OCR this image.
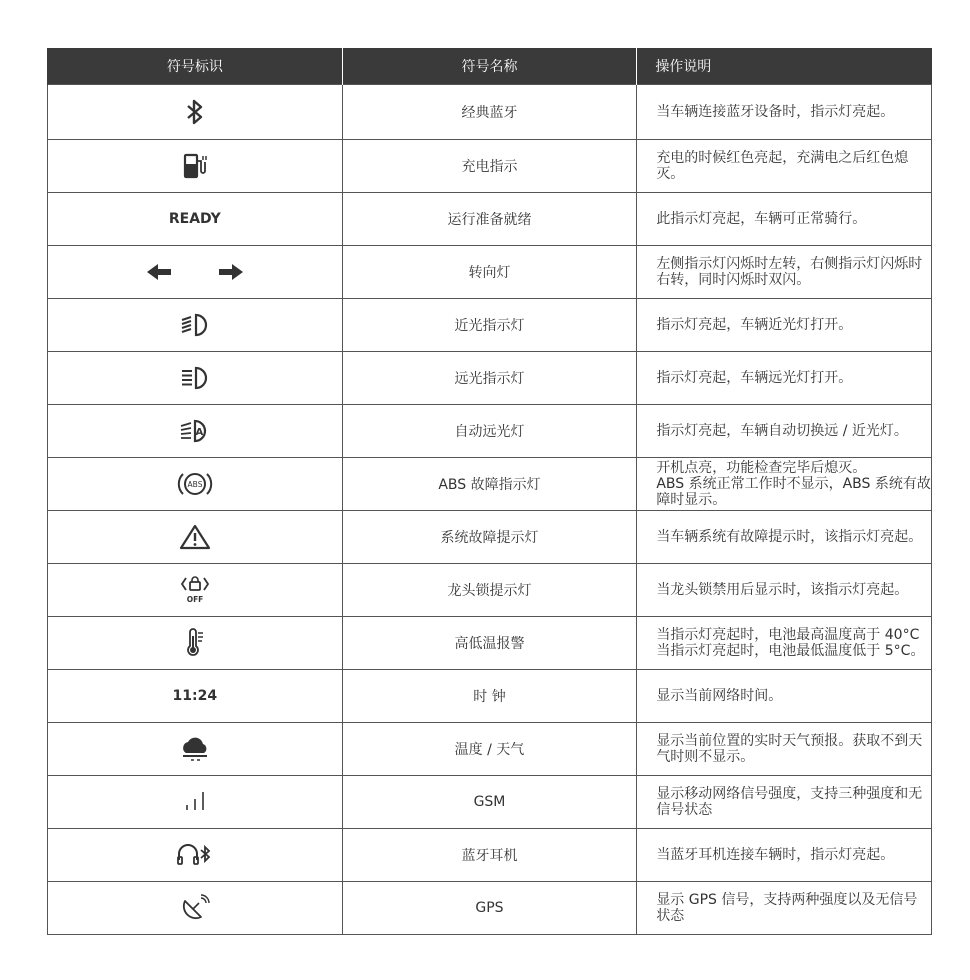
符号标识	符号名称	操作说明

	经典蓝牙	当车辆连接蓝牙设备时，指示灯亮起。

	充电指示	充电的时候红色亮起，充满电之后红色熄灭。

READY	运行准备就绪	此指示灯亮起，车辆可正常骑行。

	转向灯	左侧指示灯闪烁时左转，右侧指示灯闪烁时右转，同时闪烁时双闪。

	近光指示灯	指示灯亮起，车辆近光灯打开。

	远光指示灯	指示灯亮起，车辆远光灯打开。

A	自动远光灯	指示灯亮起，车辆自动切换远 / 近光灯。

ABS	ABS 故障指示灯	开机点亮，功能检查完毕后熄灭。
ABS 系统正常工作时不显示，ABS 系统有故障时显示。

	系统故障提示灯	当车辆系统有故障提示时，该指示灯亮起。

OFF	龙头锁提示灯	当龙头锁禁用后显示时，该指示灯亮起。

	高低温报警	当指示灯亮起时，电池最高温度高于 40°C
当指示灯亮起时，电池最低温度低于 5°C。

11:24	时 钟	显示当前网络时间。

	温度 / 天气	显示当前位置的实时天气预报。获取不到天气时则不显示。

	GSM	显示移动网络信号强度，支持三种强度和无信号状态

	蓝牙耳机	当蓝牙耳机连接车辆时，指示灯亮起。

	GPS	显示 GPS 信号，支持两种强度以及无信号状态
